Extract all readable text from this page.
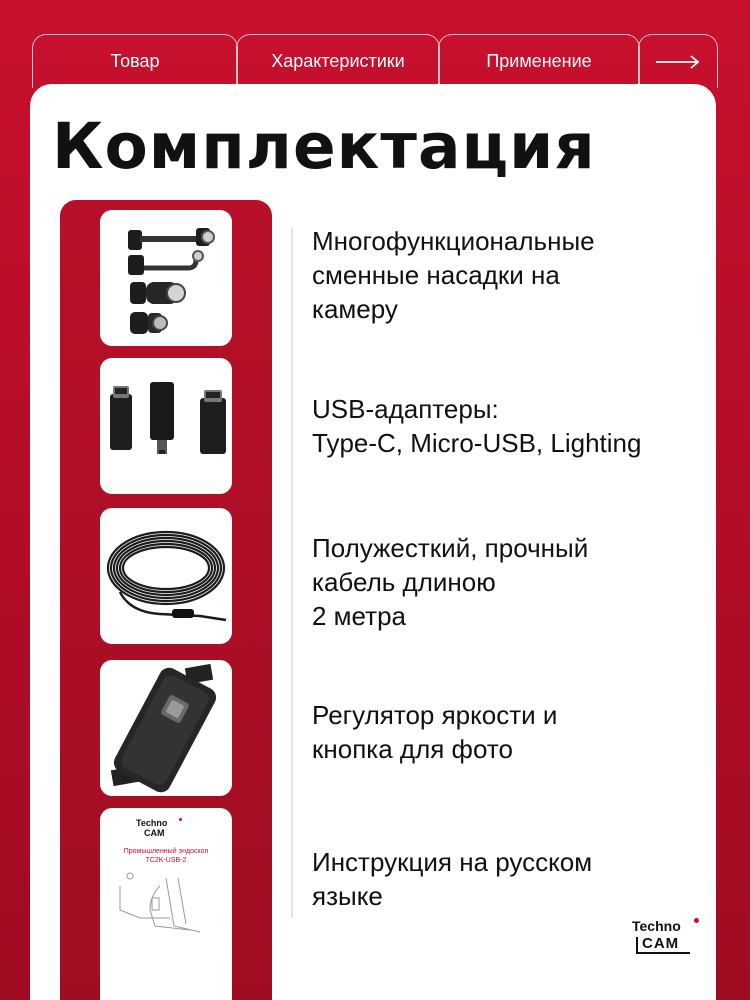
Товар	Характеристики	Применение
Комплектация
Techno
CAM
Промышленный эндоскоп
TC2K-USB-2
Многофункциональные
сменные насадки на
камеру
USB-адаптеры:
Type-C, Micro-USB, Lighting
Полужесткий, прочный
кабель длиною
2 метра
Регулятор яркости и
кнопка для фото
Инструкция на русском
языке
Techno
CAM
